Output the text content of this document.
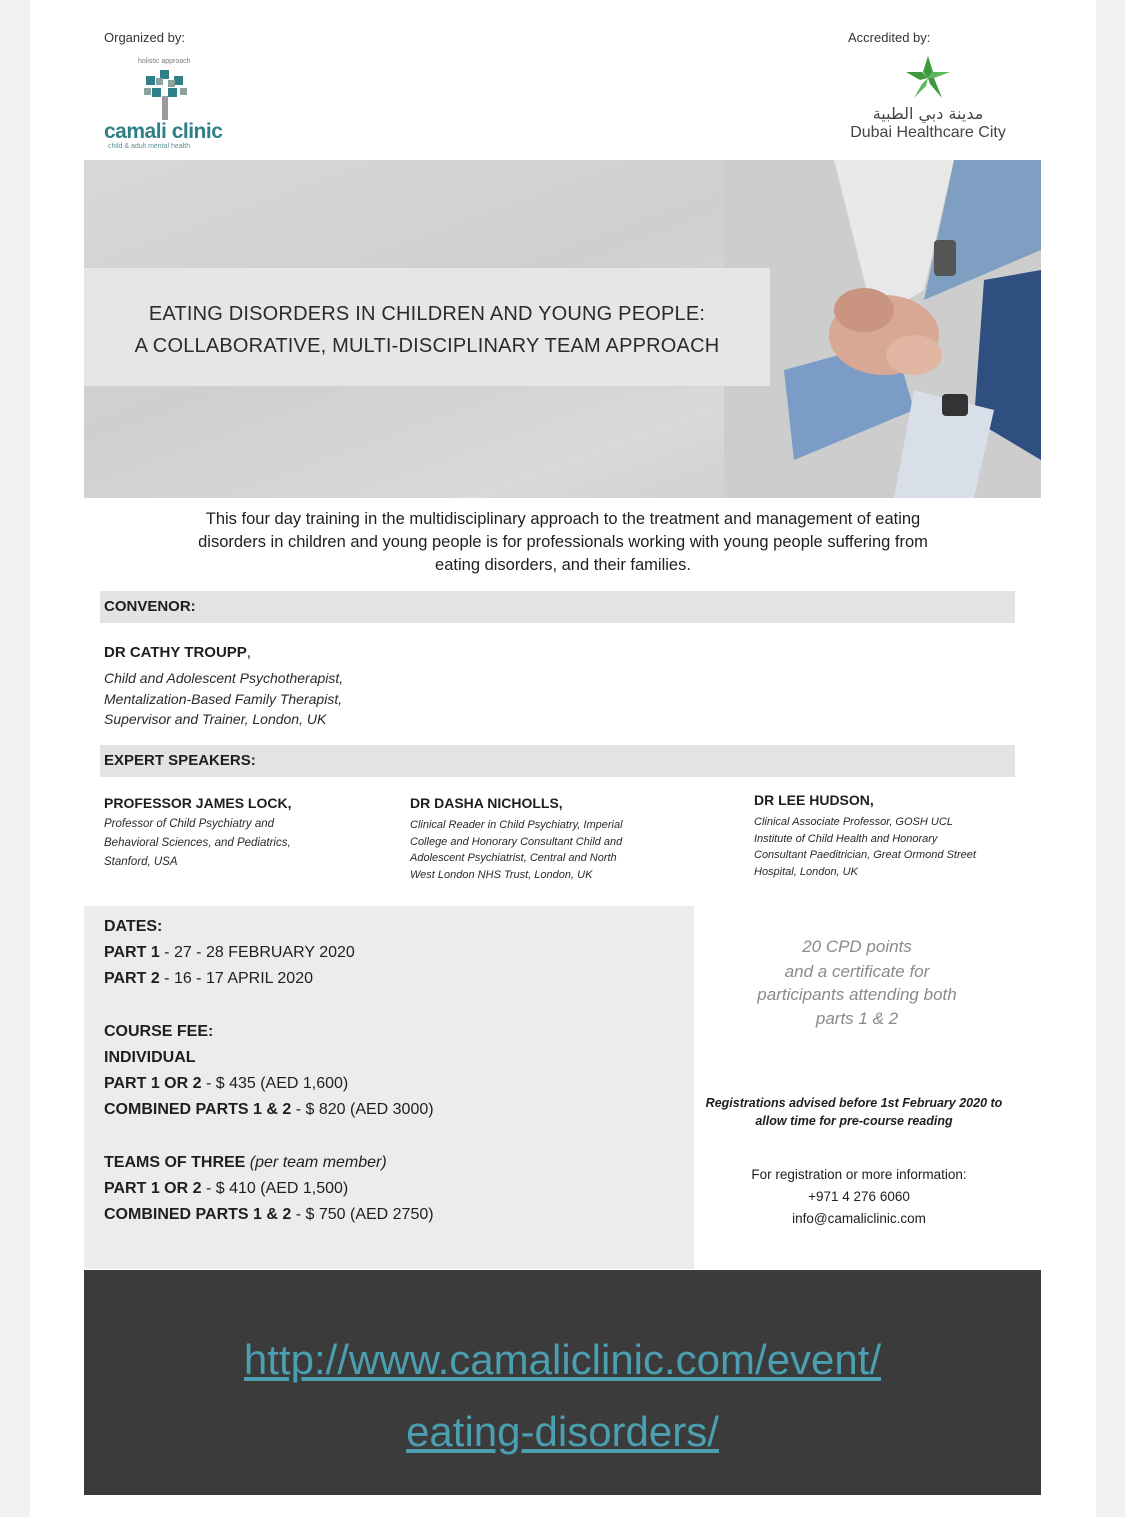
Organized by:	Accredited by:
holistic approach
camali clinic
child & adult mental health
مدينة دبي الطبية
Dubai Healthcare City
EATING DISORDERS IN CHILDREN AND YOUNG PEOPLE:
A COLLABORATIVE, MULTI-DISCIPLINARY TEAM APPROACH
This four day training in the multidisciplinary approach to the treatment and management of eating
disorders in children and young people is for professionals working with young people suffering from
eating disorders, and their families.
CONVENOR:
DR CATHY TROUPP,
Child and Adolescent Psychotherapist,
Mentalization-Based Family Therapist,
Supervisor and Trainer, London, UK
EXPERT SPEAKERS:
PROFESSOR JAMES LOCK,
Professor of Child Psychiatry and
Behavioral Sciences, and Pediatrics,
Stanford, USA
DR DASHA NICHOLLS,
Clinical Reader in Child Psychiatry, Imperial
College and Honorary Consultant Child and
Adolescent Psychiatrist, Central and North
West London NHS Trust, London, UK
DR LEE HUDSON,
Clinical Associate Professor, GOSH UCL
Institute of Child Health and Honorary
Consultant Paeditrician, Great Ormond Street
Hospital, London, UK
DATES:
PART 1 - 27 - 28 FEBRUARY 2020
PART 2 - 16 - 17 APRIL 2020
COURSE FEE:
INDIVIDUAL
PART 1 OR 2 - $ 435 (AED 1,600)
COMBINED PARTS 1 & 2 - $ 820 (AED 3000)
TEAMS OF THREE (per team member)
PART 1 OR 2 - $ 410 (AED 1,500)
COMBINED PARTS 1 & 2 - $ 750 (AED 2750)
20 CPD points
and a certificate for
participants attending both
parts 1 & 2
Registrations advised before 1st February 2020 to
allow time for pre-course reading
For registration or more information:
+971 4 276 6060
info@camaliclinic.com
http://www.camaliclinic.com/event/
eating-disorders/
